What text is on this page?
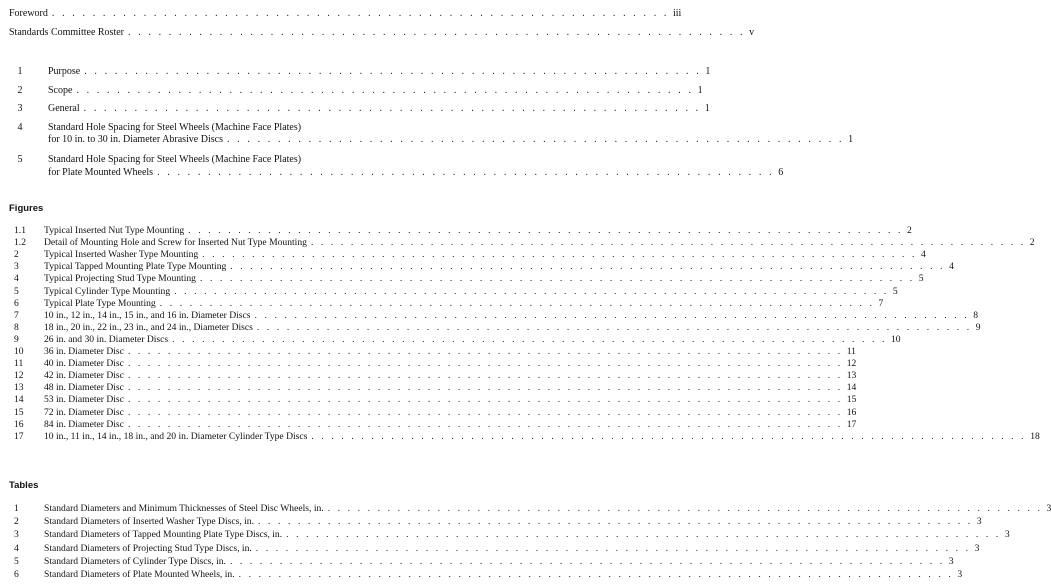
Foreword . . . . . . . . . . . . . . . . . . . . . . . . . . . . . . . . . . . . . . . . . . . . . . . . . . . . . . . . . . . . . iii
Standards Committee Roster . . . . . . . . . . . . . . . . . . . . . . . . . . . . . . . . . . . . . . . . . . . . . . . . . . . . . . . . . . . . . v
1	Purpose . . . . . . . . . . . . . . . . . . . . . . . . . . . . . . . . . . . . . . . . . . . . . . . . . . . . . . . . . . . . . 1
2	Scope . . . . . . . . . . . . . . . . . . . . . . . . . . . . . . . . . . . . . . . . . . . . . . . . . . . . . . . . . . . . . 1
3	General . . . . . . . . . . . . . . . . . . . . . . . . . . . . . . . . . . . . . . . . . . . . . . . . . . . . . . . . . . . . . 1
4	Standard Hole Spacing for Steel Wheels (Machine Face Plates)
for 10 in. to 30 in. Diameter Abrasive Discs . . . . . . . . . . . . . . . . . . . . . . . . . . . . . . . . . . . . . . . . . . . . . . . . . . . . . . . . . . . . . 1
5	Standard Hole Spacing for Steel Wheels (Machine Face Plates)
for Plate Mounted Wheels . . . . . . . . . . . . . . . . . . . . . . . . . . . . . . . . . . . . . . . . . . . . . . . . . . . . . . . . . . . . . 6
Figures
1.1	Typical Inserted Nut Type Mounting . . . . . . . . . . . . . . . . . . . . . . . . . . . . . . . . . . . . . . . . . . . . . . . . . . . . . . . . . . . . . . . . . . . . . . . . 2
1.2	Detail of Mounting Hole and Screw for Inserted Nut Type Mounting . . . . . . . . . . . . . . . . . . . . . . . . . . . . . . . . . . . . . . . . . . . . . . . . . . . . . . . . . . . . . . . . . . . . . . . . 2
2	Typical Inserted Washer Type Mounting . . . . . . . . . . . . . . . . . . . . . . . . . . . . . . . . . . . . . . . . . . . . . . . . . . . . . . . . . . . . . . . . . . . . . . . . 4
3	Typical Tapped Mounting Plate Type Mounting . . . . . . . . . . . . . . . . . . . . . . . . . . . . . . . . . . . . . . . . . . . . . . . . . . . . . . . . . . . . . . . . . . . . . . . . 4
4	Typical Projecting Stud Type Mounting . . . . . . . . . . . . . . . . . . . . . . . . . . . . . . . . . . . . . . . . . . . . . . . . . . . . . . . . . . . . . . . . . . . . . . . . 5
5	Typical Cylinder Type Mounting . . . . . . . . . . . . . . . . . . . . . . . . . . . . . . . . . . . . . . . . . . . . . . . . . . . . . . . . . . . . . . . . . . . . . . . . 5
6	Typical Plate Type Mounting . . . . . . . . . . . . . . . . . . . . . . . . . . . . . . . . . . . . . . . . . . . . . . . . . . . . . . . . . . . . . . . . . . . . . . . . 7
7	10 in., 12 in., 14 in., 15 in., and 16 in. Diameter Discs . . . . . . . . . . . . . . . . . . . . . . . . . . . . . . . . . . . . . . . . . . . . . . . . . . . . . . . . . . . . . . . . . . . . . . . . 8
8	18 in., 20 in., 22 in., 23 in., and 24 in., Diameter Discs . . . . . . . . . . . . . . . . . . . . . . . . . . . . . . . . . . . . . . . . . . . . . . . . . . . . . . . . . . . . . . . . . . . . . . . . 9
9	26 in. and 30 in. Diameter Discs . . . . . . . . . . . . . . . . . . . . . . . . . . . . . . . . . . . . . . . . . . . . . . . . . . . . . . . . . . . . . . . . . . . . . . . . 10
10	36 in. Diameter Disc . . . . . . . . . . . . . . . . . . . . . . . . . . . . . . . . . . . . . . . . . . . . . . . . . . . . . . . . . . . . . . . . . . . . . . . . 11
11	40 in. Diameter Disc . . . . . . . . . . . . . . . . . . . . . . . . . . . . . . . . . . . . . . . . . . . . . . . . . . . . . . . . . . . . . . . . . . . . . . . . 12
12	42 in. Diameter Disc . . . . . . . . . . . . . . . . . . . . . . . . . . . . . . . . . . . . . . . . . . . . . . . . . . . . . . . . . . . . . . . . . . . . . . . . 13
13	48 in. Diameter Disc . . . . . . . . . . . . . . . . . . . . . . . . . . . . . . . . . . . . . . . . . . . . . . . . . . . . . . . . . . . . . . . . . . . . . . . . 14
14	53 in. Diameter Disc . . . . . . . . . . . . . . . . . . . . . . . . . . . . . . . . . . . . . . . . . . . . . . . . . . . . . . . . . . . . . . . . . . . . . . . . 15
15	72 in. Diameter Disc . . . . . . . . . . . . . . . . . . . . . . . . . . . . . . . . . . . . . . . . . . . . . . . . . . . . . . . . . . . . . . . . . . . . . . . . 16
16	84 in. Diameter Disc . . . . . . . . . . . . . . . . . . . . . . . . . . . . . . . . . . . . . . . . . . . . . . . . . . . . . . . . . . . . . . . . . . . . . . . . 17
17	10 in., 11 in., 14 in., 18 in., and 20 in. Diameter Cylinder Type Discs . . . . . . . . . . . . . . . . . . . . . . . . . . . . . . . . . . . . . . . . . . . . . . . . . . . . . . . . . . . . . . . . . . . . . . . . 18
Tables
1	Standard Diameters and Minimum Thicknesses of Steel Disc Wheels, in. . . . . . . . . . . . . . . . . . . . . . . . . . . . . . . . . . . . . . . . . . . . . . . . . . . . . . . . . . . . . . . . . . . . . . . . . 3
2	Standard Diameters of Inserted Washer Type Discs, in. . . . . . . . . . . . . . . . . . . . . . . . . . . . . . . . . . . . . . . . . . . . . . . . . . . . . . . . . . . . . . . . . . . . . . . . . 3
3	Standard Diameters of Tapped Mounting Plate Type Discs, in. . . . . . . . . . . . . . . . . . . . . . . . . . . . . . . . . . . . . . . . . . . . . . . . . . . . . . . . . . . . . . . . . . . . . . . . . 3
4	Standard Diameters of Projecting Stud Type Discs, in. . . . . . . . . . . . . . . . . . . . . . . . . . . . . . . . . . . . . . . . . . . . . . . . . . . . . . . . . . . . . . . . . . . . . . . . . 3
5	Standard Diameters of Cylinder Type Discs, in. . . . . . . . . . . . . . . . . . . . . . . . . . . . . . . . . . . . . . . . . . . . . . . . . . . . . . . . . . . . . . . . . . . . . . . . . 3
6	Standard Diameters of Plate Mounted Wheels, in. . . . . . . . . . . . . . . . . . . . . . . . . . . . . . . . . . . . . . . . . . . . . . . . . . . . . . . . . . . . . . . . . . . . . . . . . 3
